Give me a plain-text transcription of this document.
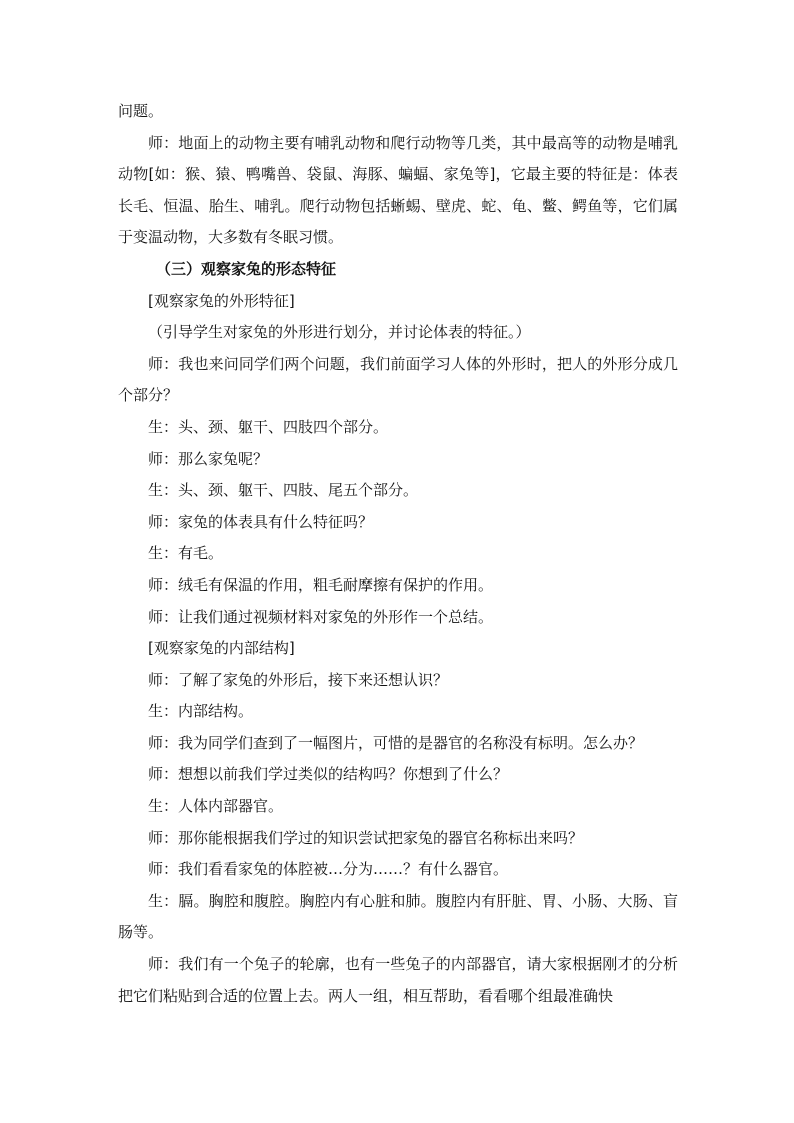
问题。

师：地面上的动物主要有哺乳动物和爬行动物等几类，其中最高等的动物是哺乳动物[如：猴、猿、鸭嘴兽、袋鼠、海豚、蝙蝠、家兔等]，它最主要的特征是：体表长毛、恒温、胎生、哺乳。爬行动物包括蜥蜴、壁虎、蛇、龟、鳖、鳄鱼等，它们属于变温动物，大多数有冬眠习惯。

（三）观察家兔的形态特征

[观察家兔的外形特征]

（引导学生对家兔的外形进行划分，并讨论体表的特征。）

师：我也来问同学们两个问题，我们前面学习人体的外形时，把人的外形分成几个部分？

生：头、颈、躯干、四肢四个部分。

师：那么家兔呢？

生：头、颈、躯干、四肢、尾五个部分。

师：家兔的体表具有什么特征吗？

生：有毛。

师：绒毛有保温的作用，粗毛耐摩擦有保护的作用。

师：让我们通过视频材料对家兔的外形作一个总结。

[观察家兔的内部结构]

师：了解了家兔的外形后，接下来还想认识？

生：内部结构。

师：我为同学们查到了一幅图片，可惜的是器官的名称没有标明。怎么办？

师：想想以前我们学过类似的结构吗？你想到了什么？

生：人体内部器官。

师：那你能根据我们学过的知识尝试把家兔的器官名称标出来吗？

师：我们看看家兔的体腔被…分为……？有什么器官。

生：膈。胸腔和腹腔。胸腔内有心脏和肺。腹腔内有肝脏、胃、小肠、大肠、盲肠等。

师：我们有一个兔子的轮廓，也有一些兔子的内部器官，请大家根据刚才的分析把它们粘贴到合适的位置上去。两人一组，相互帮助，看看哪个组最准确快
